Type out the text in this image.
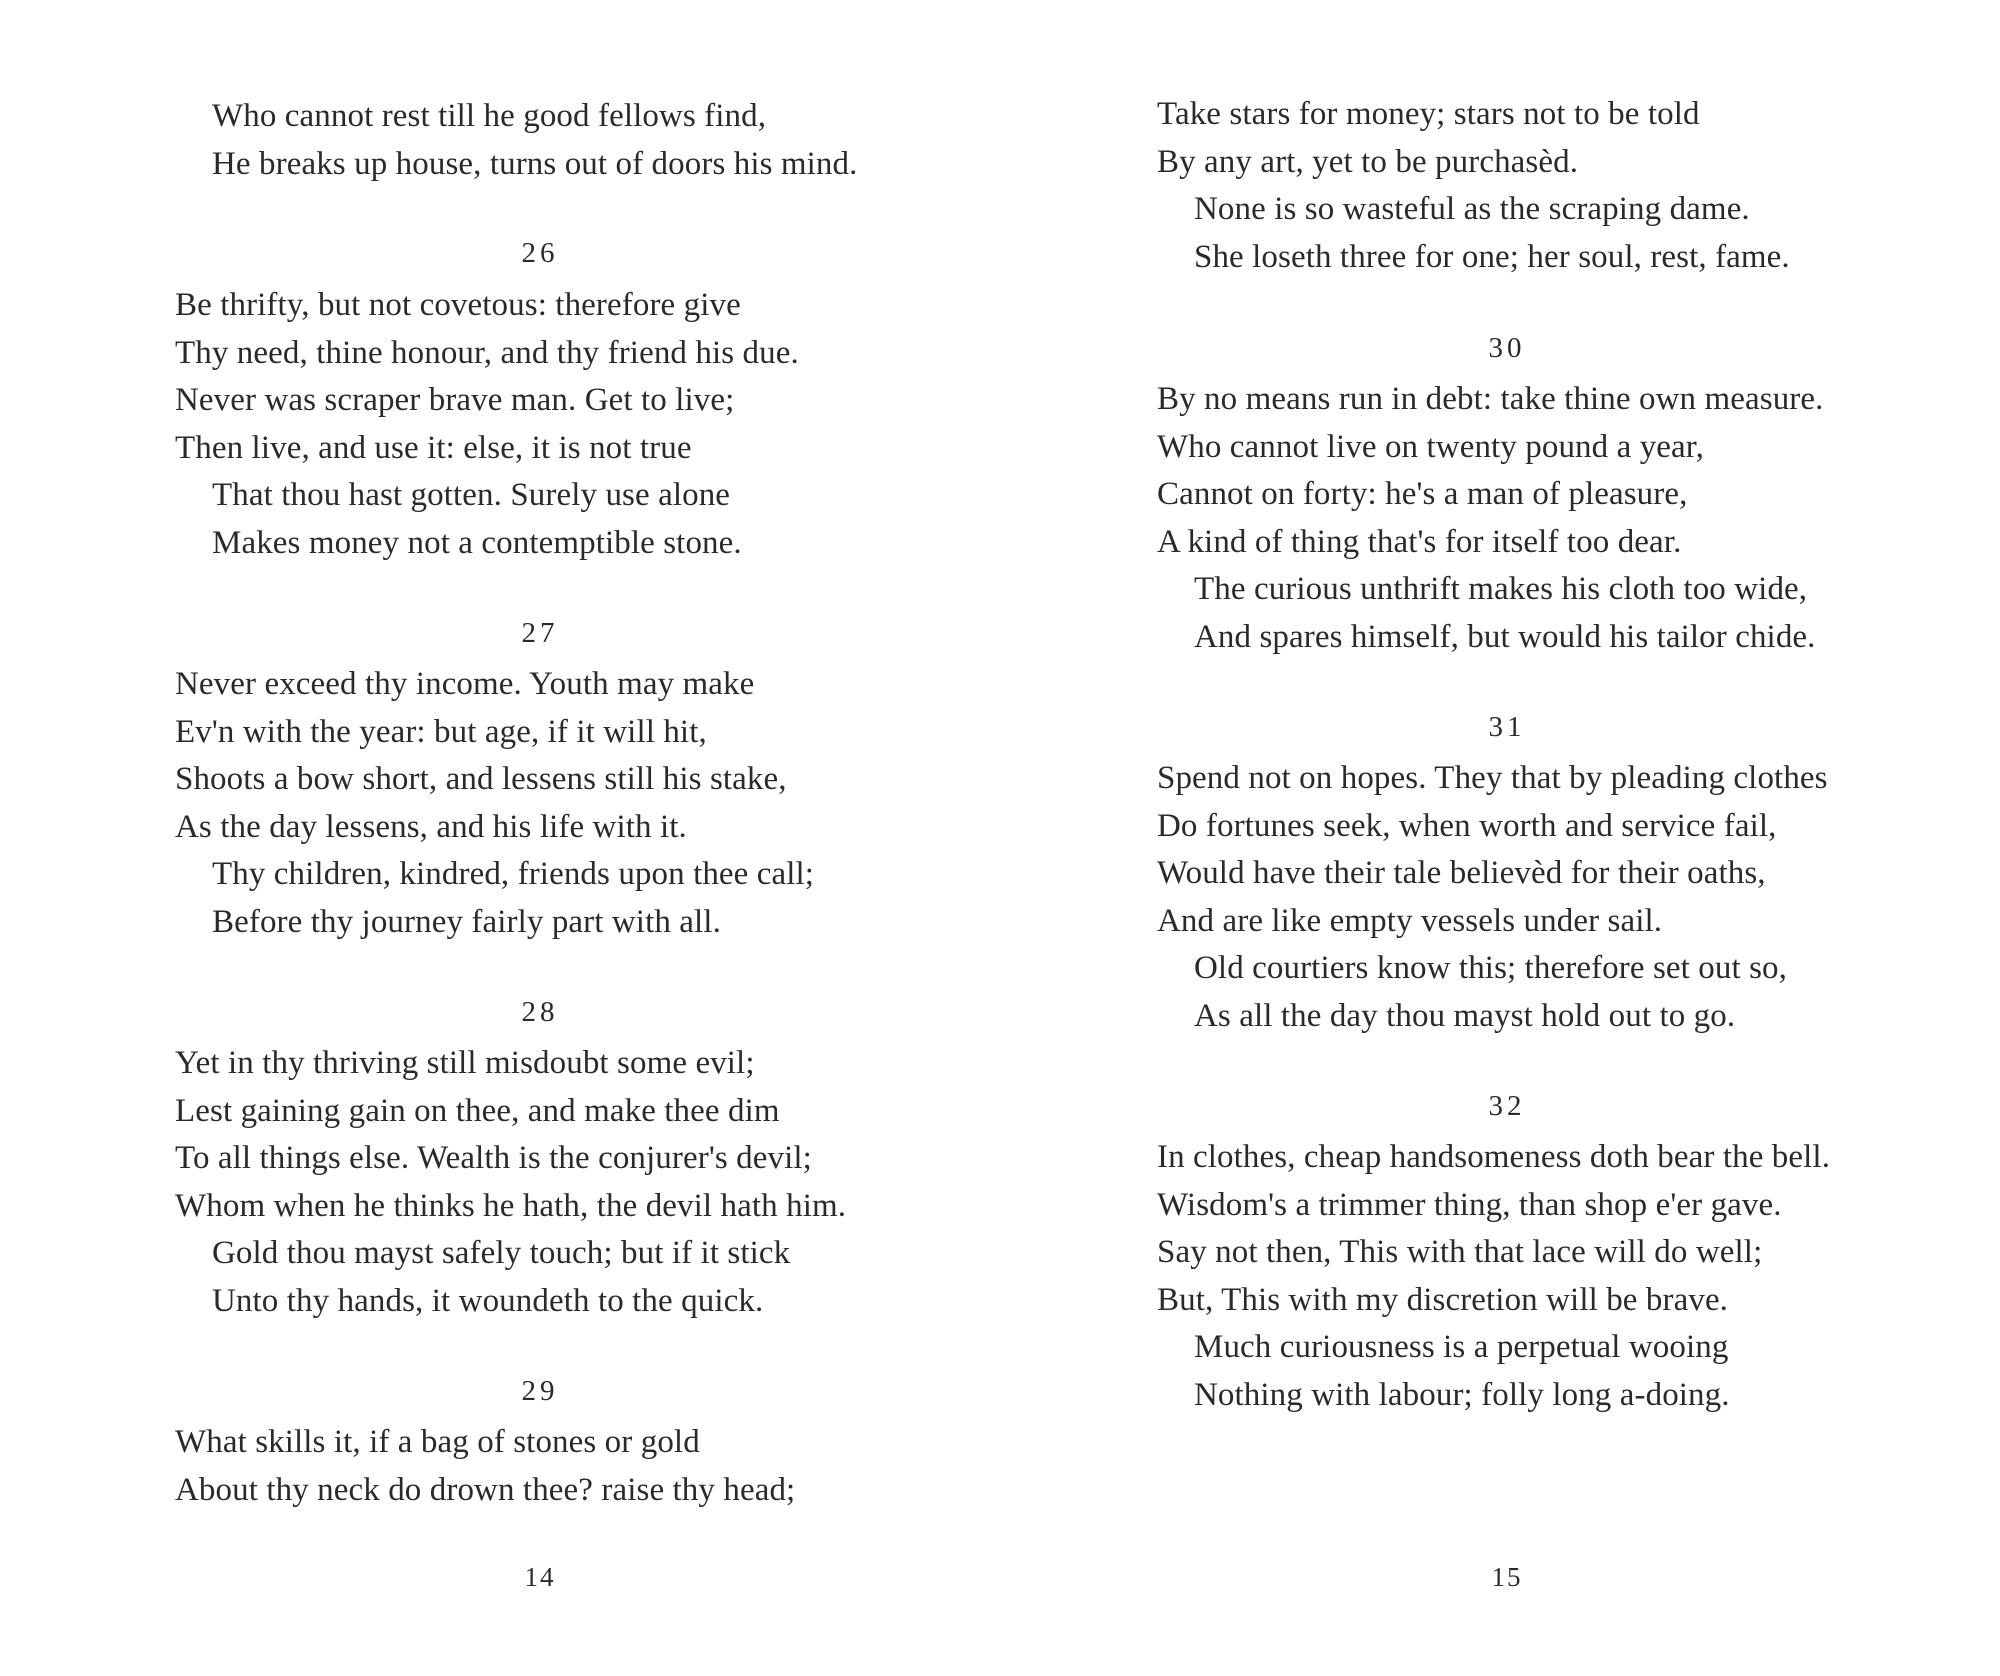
Who cannot rest till he good fellows find,
He breaks up house, turns out of doors his mind.
26
Be thrifty, but not covetous: therefore give
Thy need, thine honour, and thy friend his due.
Never was scraper brave man. Get to live;
Then live, and use it: else, it is not true
That thou hast gotten. Surely use alone
Makes money not a contemptible stone.
27
Never exceed thy income. Youth may make
Ev'n with the year: but age, if it will hit,
Shoots a bow short, and lessens still his stake,
As the day lessens, and his life with it.
Thy children, kindred, friends upon thee call;
Before thy journey fairly part with all.
28
Yet in thy thriving still misdoubt some evil;
Lest gaining gain on thee, and make thee dim
To all things else. Wealth is the conjurer's devil;
Whom when he thinks he hath, the devil hath him.
Gold thou mayst safely touch; but if it stick
Unto thy hands, it woundeth to the quick.
29
What skills it, if a bag of stones or gold
About thy neck do drown thee? raise thy head;
14
Take stars for money; stars not to be told
By any art, yet to be purchasèd.
None is so wasteful as the scraping dame.
She loseth three for one; her soul, rest, fame.
30
By no means run in debt: take thine own measure.
Who cannot live on twenty pound a year,
Cannot on forty: he's a man of pleasure,
A kind of thing that's for itself too dear.
The curious unthrift makes his cloth too wide,
And spares himself, but would his tailor chide.
31
Spend not on hopes. They that by pleading clothes
Do fortunes seek, when worth and service fail,
Would have their tale believèd for their oaths,
And are like empty vessels under sail.
Old courtiers know this; therefore set out so,
As all the day thou mayst hold out to go.
32
In clothes, cheap handsomeness doth bear the bell.
Wisdom's a trimmer thing, than shop e'er gave.
Say not then, This with that lace will do well;
But, This with my discretion will be brave.
Much curiousness is a perpetual wooing
Nothing with labour; folly long a-doing.
15
